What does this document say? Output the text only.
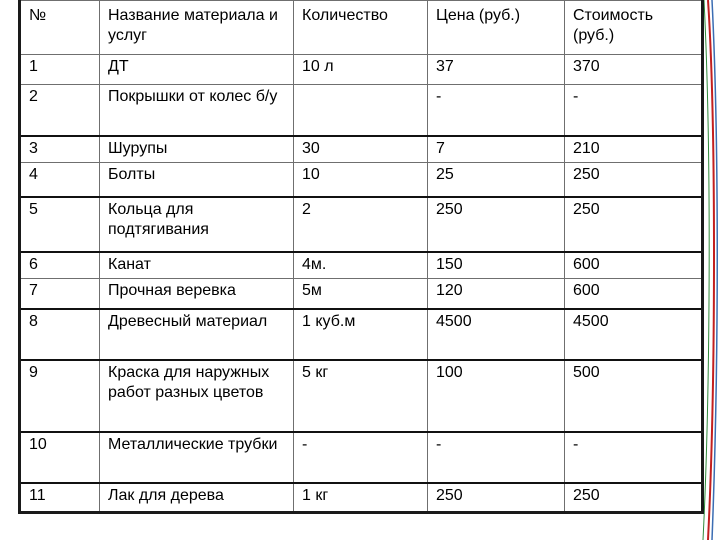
№	Название материала и услуг	Количество	Цена (руб.)	Стоимость (руб.)
1	ДТ	10 л	37	370
2	Покрышки от колес б/у		-	-
3	Шурупы	30	7	210
4	Болты	10	25	250
5	Кольца для подтягивания	2	250	250
6	Канат	4м.	150	600
7	Прочная веревка	5м	120	600
8	Древесный материал	1 куб.м	4500	4500
9	Краска для наружных работ разных цветов	5 кг	100	500
10	Металлические трубки	-	-	-
11	Лак для дерева	1 кг	250	250
